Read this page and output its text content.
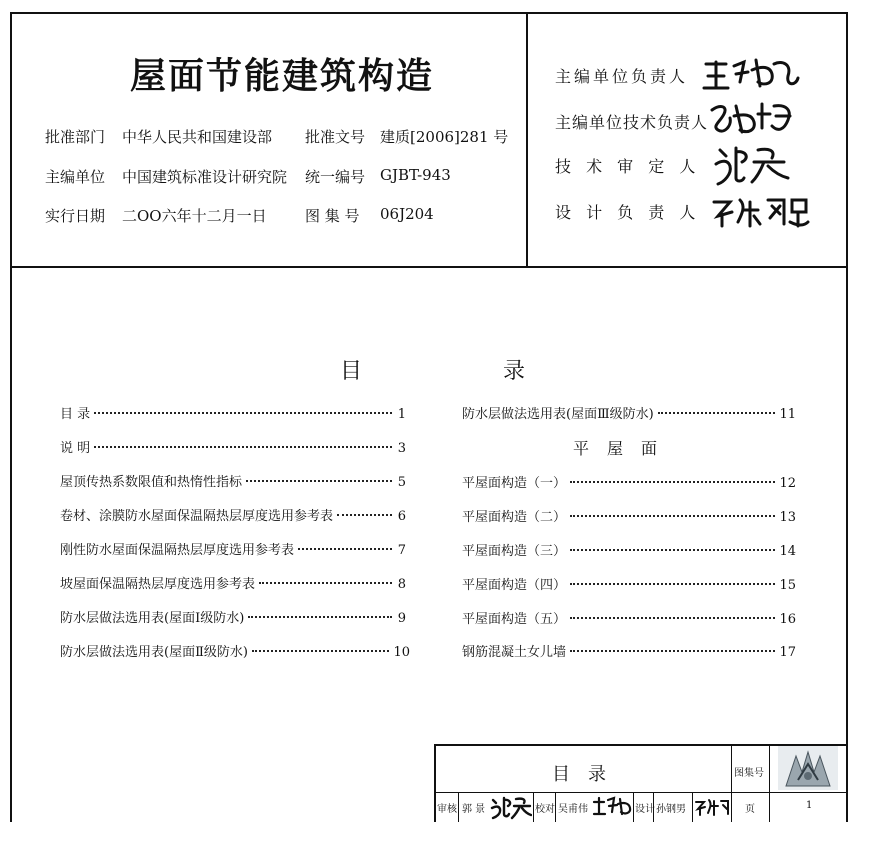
屋面节能建筑构造
批准部门 中华人民共和国建设部 批准文号 建质[2006]281 号
主编单位 中国建筑标准设计研究院 统一编号 GJBT-943
实行日期 二OO六年十二月一日	图 集 号 06J204
主编单位负责人
主编单位技术负责人
技 术 审 定 人
设 计 负 责 人
目	录
目 录	1
说 明	3
屋顶传热系数限值和热惰性指标	5
卷材、涂膜防水屋面保温隔热层厚度选用参考表	6
刚性防水屋面保温隔热层厚度选用参考表	7
坡屋面保温隔热层厚度选用参考表	8
防水层做法选用表(屋面Ⅰ级防水)	9
防水层做法选用表(屋面Ⅱ级防水)	10
防水层做法选用表(屋面Ⅲ级防水)	11
平屋面
平屋面构造（一）	12
平屋面构造（二）	13
平屋面构造（三）	14
平屋面构造（四）	15
平屋面构造（五）	16
钢筋混凝土女儿墙	17
目录	图集号
审核 郭 景	校对 吴甫伟	设计 孙钢男	页	1
